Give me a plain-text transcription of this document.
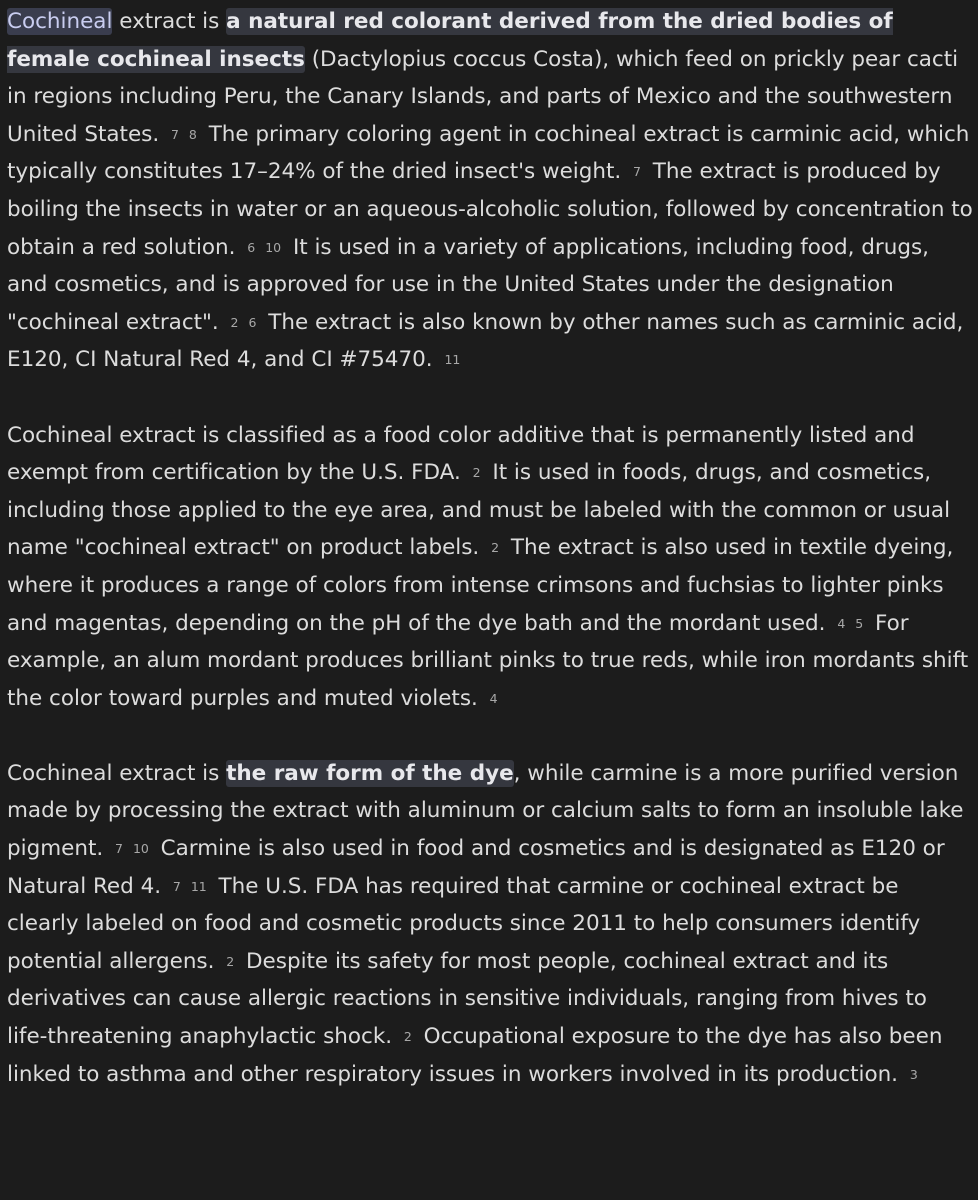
Cochineal extract is a natural red colorant derived from the dried bodies of female cochineal insects (Dactylopius coccus Costa), which feed on prickly pear cacti in regions including Peru, the Canary Islands, and parts of Mexico and the southwestern United States. 7 8 The primary coloring agent in cochineal extract is carminic acid, which typically constitutes 17–24% of the dried insect's weight. 7 The extract is produced by boiling the insects in water or an aqueous-alcoholic solution, followed by concentration to obtain a red solution. 6 10 It is used in a variety of applications, including food, drugs, and cosmetics, and is approved for use in the United States under the designation "cochineal extract". 2 6 The extract is also known by other names such as carminic acid, E120, CI Natural Red 4, and CI #75470. 11

Cochineal extract is classified as a food color additive that is permanently listed and exempt from certification by the U.S. FDA. 2 It is used in foods, drugs, and cosmetics, including those applied to the eye area, and must be labeled with the common or usual name "cochineal extract" on product labels. 2 The extract is also used in textile dyeing, where it produces a range of colors from intense crimsons and fuchsias to lighter pinks and magentas, depending on the pH of the dye bath and the mordant used. 4 5 For example, an alum mordant produces brilliant pinks to true reds, while iron mordants shift the color toward purples and muted violets. 4

Cochineal extract is the raw form of the dye, while carmine is a more purified version made by processing the extract with aluminum or calcium salts to form an insoluble lake pigment. 7 10 Carmine is also used in food and cosmetics and is designated as E120 or Natural Red 4. 7 11 The U.S. FDA has required that carmine or cochineal extract be clearly labeled on food and cosmetic products since 2011 to help consumers identify potential allergens. 2 Despite its safety for most people, cochineal extract and its derivatives can cause allergic reactions in sensitive individuals, ranging from hives to life-threatening anaphylactic shock. 2 Occupational exposure to the dye has also been linked to asthma and other respiratory issues in workers involved in its production. 3
